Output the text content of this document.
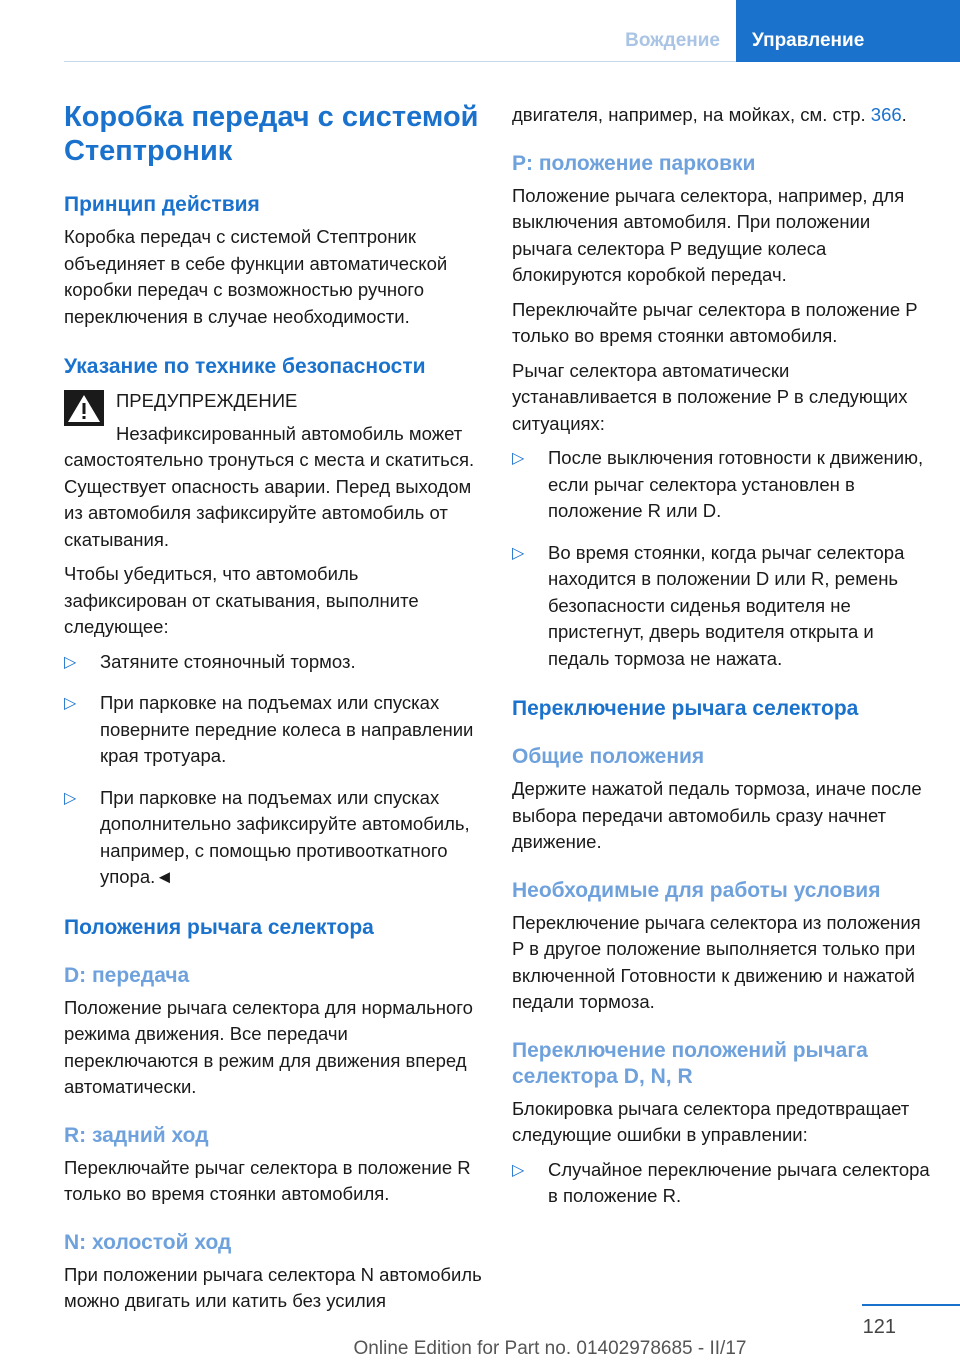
Вождение	Управление
Коробка передач с системой Стептроник
Принцип действия

Коробка передач с системой Стептроник объединяет в себе функции автоматической коробки передач с возможностью ручного переключения в случае необходимости.

Указание по технике безопасности
ПРЕДУПРЕЖДЕНИЕ
Незафиксированный автомобиль может самостоятельно тронуться с места и скатиться. Существует опасность аварии. Перед выходом из автомобиля зафиксируйте автомобиль от скатывания.

Чтобы убедиться, что автомобиль зафиксирован от скатывания, выполните следующее:

▷ Затяните стояночный тормоз.
▷ При парковке на подъемах или спусках поверните передние колеса в направлении края тротуара.
▷ При парковке на подъемах или спусках дополнительно зафиксируйте автомобиль, например, с помощью противооткатного упора.◄
Положения рычага селектора
D: передача

Положение рычага селектора для нормального режима движения. Все передачи переключаются в режим для движения вперед автоматически.

R: задний ход

Переключайте рычаг селектора в положение R только во время стоянки автомобиля.

N: холостой ход

При положении рычага селектора N автомобиль можно двигать или катить без усилия

двигателя, например, на мойках, см. стр. 366.

P: положение парковки

Положение рычага селектора, например, для выключения автомобиля. При положении рычага селектора P ведущие колеса блокируются коробкой передач.

Переключайте рычаг селектора в положение P только во время стоянки автомобиля.

Рычаг селектора автоматически устанавливается в положение P в следующих ситуациях:

▷ После выключения готовности к движению, если рычаг селектора установлен в положение R или D.
▷ Во время стоянки, когда рычаг селектора находится в положении D или R, ремень безопасности сиденья водителя не пристегнут, дверь водителя открыта и педаль тормоза не нажата.
Переключение рычага селектора
Общие положения

Держите нажатой педаль тормоза, иначе после выбора передачи автомобиль сразу начнет движение.

Необходимые для работы условия

Переключение рычага селектора из положения P в другое положение выполняется только при включенной Готовности к движению и нажатой педали тормоза.

Переключение положений рычага селектора D, N, R

Блокировка рычага селектора предотвращает следующие ошибки в управлении:

▷ Случайное переключение рычага селектора в положение R.
121
Online Edition for Part no. 01402978685 - II/17
